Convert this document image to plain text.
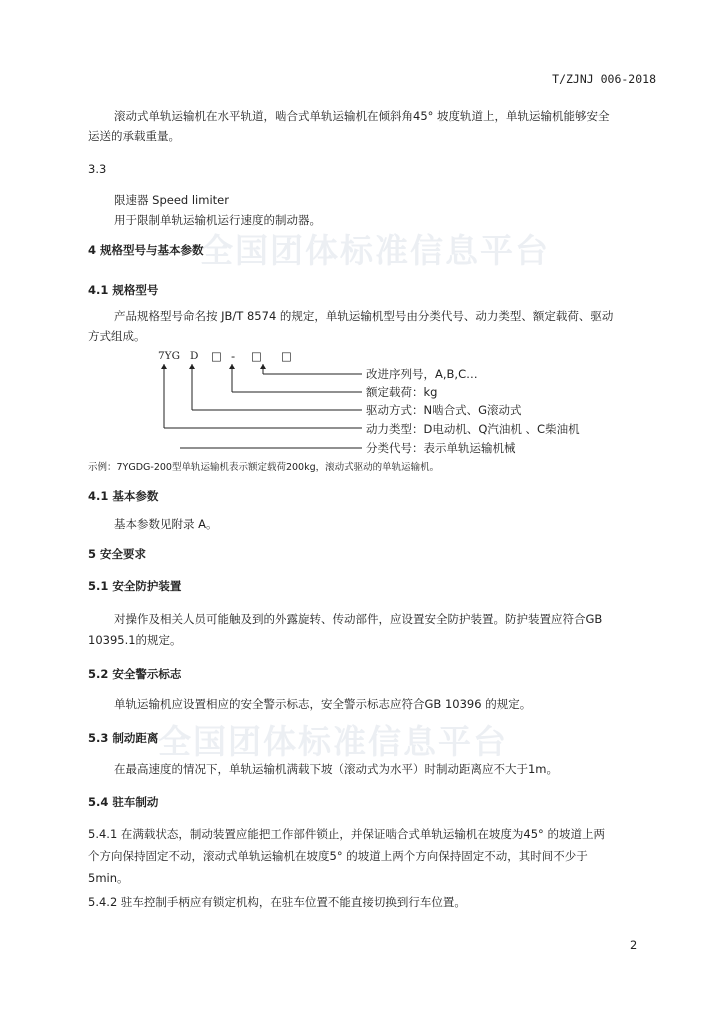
全国团体标准信息平台
全国团体标准信息平台
T/ZJNJ 006-2018
滚动式单轨运输机在水平轨道，啮合式单轨运输机在倾斜角45° 坡度轨道上，单轨运输机能够安全
运送的承载重量。
3.3
限速器 Speed limiter
用于限制单轨运输机运行速度的制动器。
4 规格型号与基本参数
4.1 规格型号
产品规格型号命名按 JB/T 8574 的规定，单轨运输机型号由分类代号、动力类型、额定载荷、驱动
方式组成。
7YG D □ - □ □
改进序列号，A,B,C…
额定载荷：kg
驱动方式：N啮合式、G滚动式
动力类型：D电动机、Q汽油机 、C柴油机
分类代号：表示单轨运输机械
示例：7YGDG-200型单轨运输机表示额定载荷200kg，滚动式驱动的单轨运输机。
4.1 基本参数
基本参数见附录 A。
5 安全要求
5.1 安全防护装置
对操作及相关人员可能触及到的外露旋转、传动部件，应设置安全防护装置。防护装置应符合GB
10395.1的规定。
5.2 安全警示标志
单轨运输机应设置相应的安全警示标志，安全警示标志应符合GB 10396 的规定。
5.3 制动距离
在最高速度的情况下，单轨运输机满载下坡（滚动式为水平）时制动距离应不大于1m。
5.4 驻车制动
5.4.1 在满载状态，制动装置应能把工作部件锁止，并保证啮合式单轨运输机在坡度为45° 的坡道上两
个方向保持固定不动，滚动式单轨运输机在坡度5° 的坡道上两个方向保持固定不动，其时间不少于
5min。
5.4.2 驻车控制手柄应有锁定机构，在驻车位置不能直接切换到行车位置。
2
